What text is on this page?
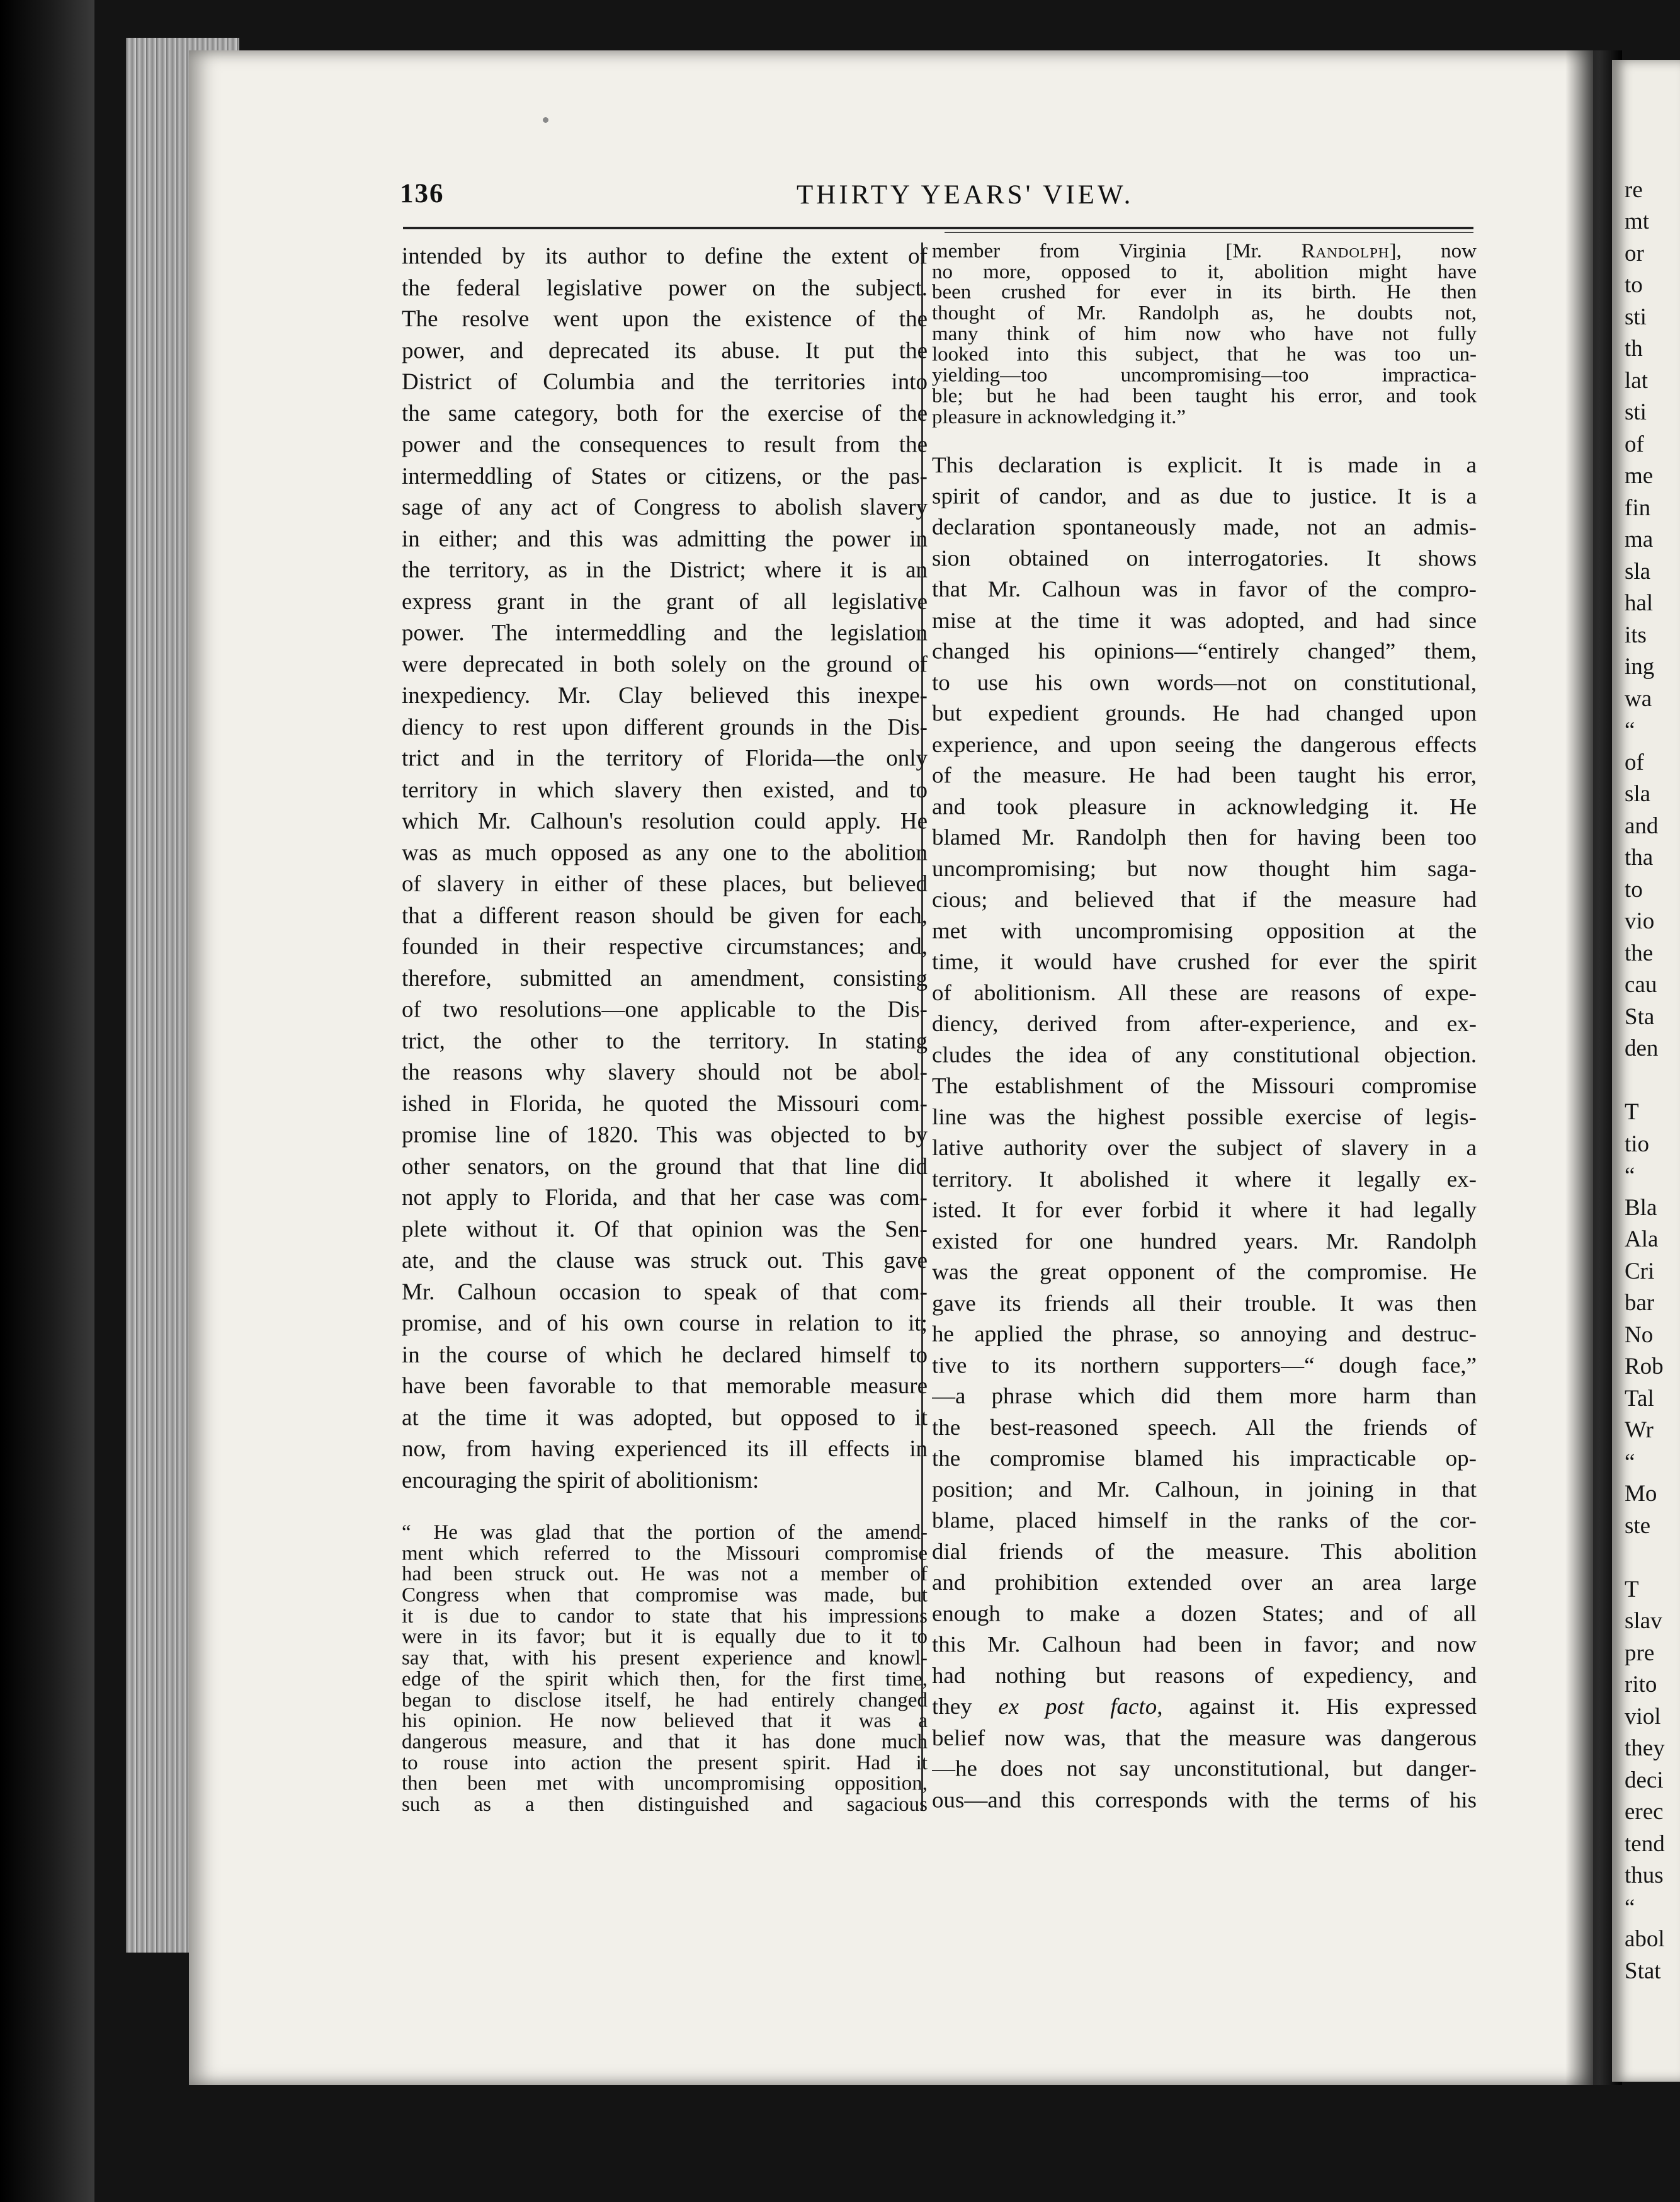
re
mt
or
to
sti
th
lat
sti
of
me
fin
ma
sla
hal
its
ing
wa
“
of
sla
and
tha
to
vio
the
cau
Sta
den
T
tio
“
Bla
Ala
Cri
bar
No
Rob
Tal
Wr
“
Mo
ste
T
slav
pre
rito
viol
they
deci
erec
tend
thus
“
abol
Stat
136	THIRTY YEARS' VIEW.
intended by its author to define the extent of
the federal legislative power on the subject.
The resolve went upon the existence of the
power, and deprecated its abuse. It put the
District of Columbia and the territories into
the same category, both for the exercise of the
power and the consequences to result from the
intermeddling of States or citizens, or the pas-
sage of any act of Congress to abolish slavery
in either; and this was admitting the power in
the territory, as in the District; where it is an
express grant in the grant of all legislative
power. The intermeddling and the legislation
were deprecated in both solely on the ground of
inexpediency. Mr. Clay believed this inexpe-
diency to rest upon different grounds in the Dis-
trict and in the territory of Florida—the only
territory in which slavery then existed, and to
which Mr. Calhoun's resolution could apply. He
was as much opposed as any one to the abolition
of slavery in either of these places, but believed
that a different reason should be given for each,
founded in their respective circumstances; and,
therefore, submitted an amendment, consisting
of two resolutions—one applicable to the Dis-
trict, the other to the territory. In stating
the reasons why slavery should not be abol-
ished in Florida, he quoted the Missouri com-
promise line of 1820. This was objected to by
other senators, on the ground that that line did
not apply to Florida, and that her case was com-
plete without it. Of that opinion was the Sen-
ate, and the clause was struck out. This gave
Mr. Calhoun occasion to speak of that com-
promise, and of his own course in relation to it;
in the course of which he declared himself to
have been favorable to that memorable measure
at the time it was adopted, but opposed to it
now, from having experienced its ill effects in
encouraging the spirit of abolitionism:
“ He was glad that the portion of the amend-
ment which referred to the Missouri compromise
had been struck out. He was not a member of
Congress when that compromise was made, but
it is due to candor to state that his impressions
were in its favor; but it is equally due to it to
say that, with his present experience and knowl-
edge of the spirit which then, for the first time,
began to disclose itself, he had entirely changed
his opinion. He now believed that it was a
dangerous measure, and that it has done much
to rouse into action the present spirit. Had it
then been met with uncompromising opposition,
such as a then distinguished and sagacious
member from Virginia [Mr. Randolph], now
no more, opposed to it, abolition might have
been crushed for ever in its birth. He then
thought of Mr. Randolph as, he doubts not,
many think of him now who have not fully
looked into this subject, that he was too un-
yielding—too uncompromising—too impractica-
ble; but he had been taught his error, and took
pleasure in acknowledging it.”
This declaration is explicit. It is made in a
spirit of candor, and as due to justice. It is a
declaration spontaneously made, not an admis-
sion obtained on interrogatories. It shows
that Mr. Calhoun was in favor of the compro-
mise at the time it was adopted, and had since
changed his opinions—“entirely changed” them,
to use his own words—not on constitutional,
but expedient grounds. He had changed upon
experience, and upon seeing the dangerous effects
of the measure. He had been taught his error,
and took pleasure in acknowledging it. He
blamed Mr. Randolph then for having been too
uncompromising; but now thought him saga-
cious; and believed that if the measure had
met with uncompromising opposition at the
time, it would have crushed for ever the spirit
of abolitionism. All these are reasons of expe-
diency, derived from after-experience, and ex-
cludes the idea of any constitutional objection.
The establishment of the Missouri compromise
line was the highest possible exercise of legis-
lative authority over the subject of slavery in a
territory. It abolished it where it legally ex-
isted. It for ever forbid it where it had legally
existed for one hundred years. Mr. Randolph
was the great opponent of the compromise. He
gave its friends all their trouble. It was then
he applied the phrase, so annoying and destruc-
tive to its northern supporters—“ dough face,”
—a phrase which did them more harm than
the best-reasoned speech. All the friends of
the compromise blamed his impracticable op-
position; and Mr. Calhoun, in joining in that
blame, placed himself in the ranks of the cor-
dial friends of the measure. This abolition
and prohibition extended over an area large
enough to make a dozen States; and of all
this Mr. Calhoun had been in favor; and now
had nothing but reasons of expediency, and
they ex post facto, against it. His expressed
belief now was, that the measure was dangerous
—he does not say unconstitutional, but danger-
ous—and this corresponds with the terms of his
